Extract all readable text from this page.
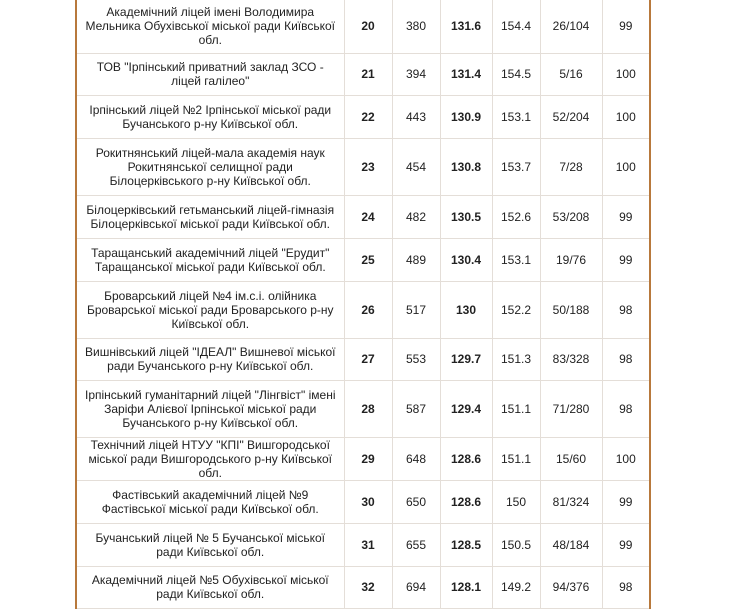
Академічний ліцей імені Володимира Мельника Обухівської міської ради Київської обл.	20	380	131.6	154.4	26/104	99
ТОВ "Ірпінський приватний заклад ЗСО - ліцей галілео"	21	394	131.4	154.5	5/16	100
Ірпінський ліцей №2 Ірпінської міської ради Бучанського р-ну Київської обл.	22	443	130.9	153.1	52/204	100
Рокитнянський ліцей-мала академія наук Рокитнянської селищної ради Білоцерківського р-ну Київської обл.	23	454	130.8	153.7	7/28	100
Білоцерківський гетьманський ліцей-гімназія Білоцерківської міської ради Київської обл.	24	482	130.5	152.6	53/208	99
Таращанський академічний ліцей "Ерудит" Таращанської міської ради Київської обл.	25	489	130.4	153.1	19/76	99
Броварський ліцей №4 ім.с.і. олійника Броварської міської ради Броварського р-ну Київської обл.	26	517	130	152.2	50/188	98
Вишнівський ліцей "ІДЕАЛ" Вишневої міської ради Бучанського р-ну Київської обл.	27	553	129.7	151.3	83/328	98
Ірпінський гуманітарний ліцей "Лінгвіст" імені Заріфи Алієвої Ірпінської міської ради Бучанського р-ну Київської обл.	28	587	129.4	151.1	71/280	98
Технічний ліцей НТУУ "КПІ" Вишгородської міської ради Вишгородського р-ну Київської обл.	29	648	128.6	151.1	15/60	100
Фастівський академічний ліцей №9 Фастівської міської ради Київської обл.	30	650	128.6	150	81/324	99
Бучанський ліцей № 5 Бучанської міської ради Київської обл.	31	655	128.5	150.5	48/184	99
Академічний ліцей №5 Обухівської міської ради Київської обл.	32	694	128.1	149.2	94/376	98
